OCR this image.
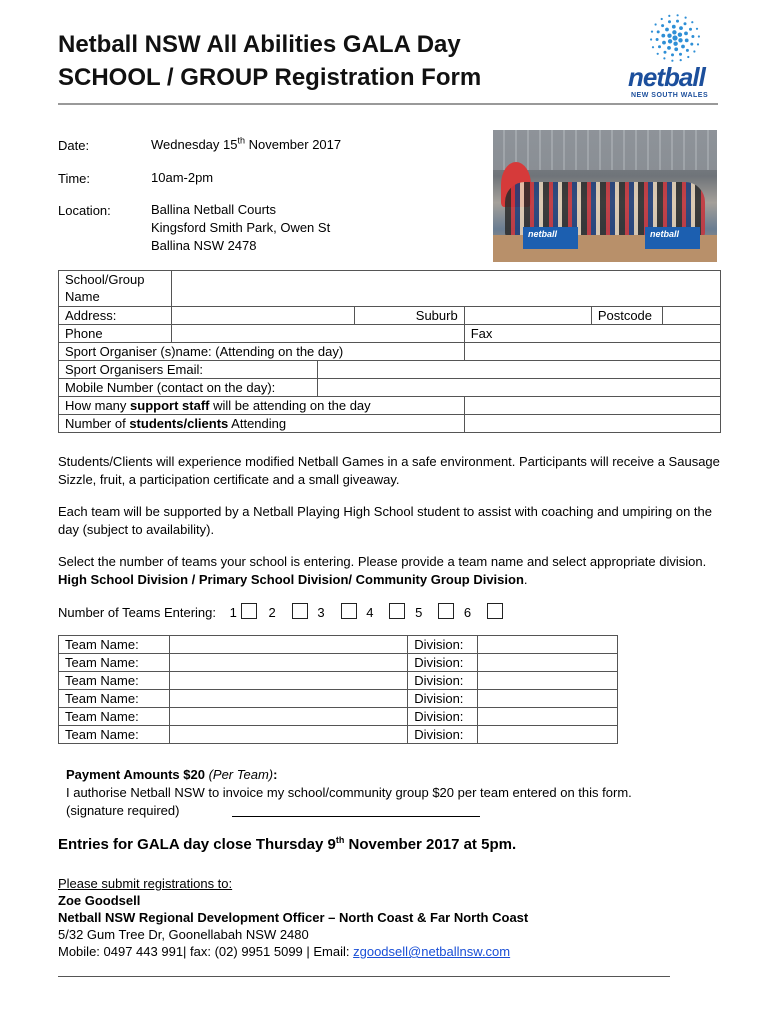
Netball NSW All Abilities GALA Day
SCHOOL / GROUP Registration Form	netball
NEW SOUTH WALES
Date:	Wednesday 15th November 2017
Time:	10am-2pm
Location:	Ballina Netball Courts
Kingsford Smith Park, Owen St
Ballina NSW 2478
netball	netball
School/Group Name						
Address:			Suburb		Postcode	
Phone				Fax		
Sport Organiser (s)name: (Attending on the day)						
Sport Organisers Email:						
Mobile Number (contact on the day):						
How many support staff will be attending on the day						
Number of students/clients Attending						
Students/Clients will experience modified Netball Games in a safe environment. Participants will receive a Sausage Sizzle, fruit, a participation certificate and a small giveaway.
Each team will be supported by a Netball Playing High School student to assist with coaching and umpiring on the day (subject to availability).
Select the number of teams your school is entering. Please provide a team name and select appropriate division. High School Division / Primary School Division/ Community Group Division.
Number of Teams Entering: 1 2	3	4	5	6
Team Name:		Division:	
Team Name:		Division:	
Team Name:		Division:	
Team Name:		Division:	
Team Name:		Division:	
Team Name:		Division:	
Payment Amounts $20 (Per Team):
I authorise Netball NSW to invoice my school/community group $20 per team entered on this form.
(signature required)
Entries for GALA day close Thursday 9th November 2017 at 5pm.
Please submit registrations to:
Zoe Goodsell
Netball NSW Regional Development Officer – North Coast & Far North Coast
5/32 Gum Tree Dr, Goonellabah NSW 2480
Mobile: 0497 443 991| fax: (02) 9951 5099 | Email: zgoodsell@netballnsw.com
